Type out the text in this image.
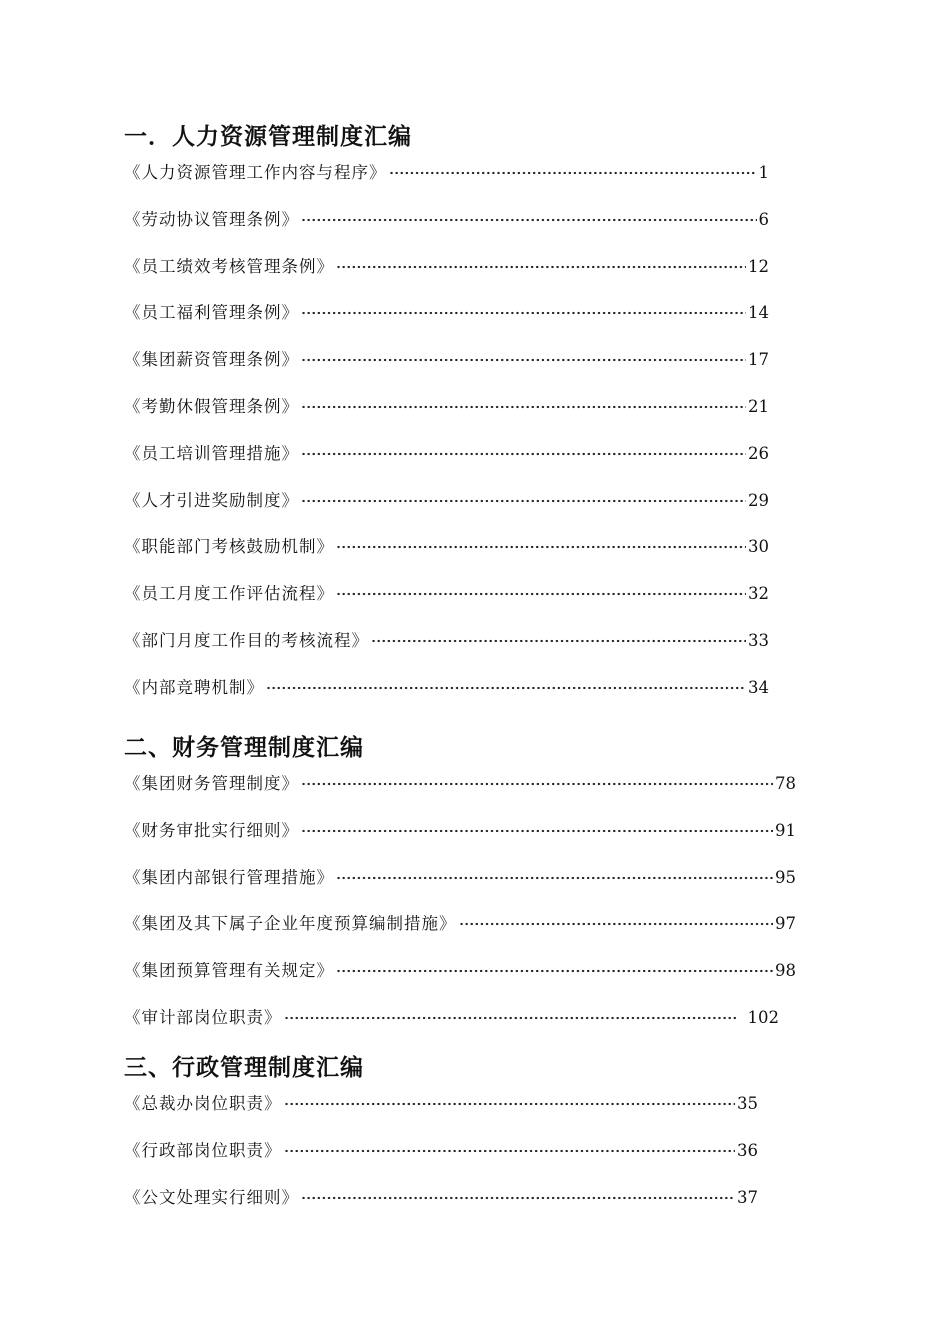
一．人力资源管理制度汇编
《人力资源管理工作内容与程序》	1
《劳动协议管理条例》	6
《员工绩效考核管理条例》	12
《员工福利管理条例》	14
《集团薪资管理条例》	17
《考勤休假管理条例》	21
《员工培训管理措施》	26
《人才引进奖励制度》	29
《职能部门考核鼓励机制》	30
《员工月度工作评估流程》	32
《部门月度工作目的考核流程》	33
《内部竞聘机制》	34
二、财务管理制度汇编
《集团财务管理制度》	78
《财务审批实行细则》	91
《集团内部银行管理措施》	95
《集团及其下属子企业年度预算编制措施》	97
《集团预算管理有关规定》	98
《审计部岗位职责》	102
三、行政管理制度汇编
《总裁办岗位职责》	35
《行政部岗位职责》	36
《公文处理实行细则》	37
